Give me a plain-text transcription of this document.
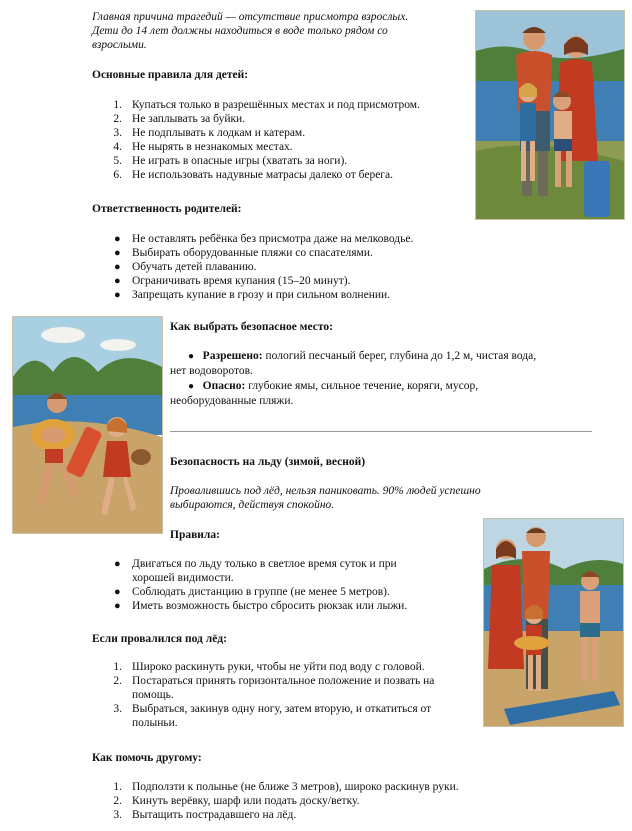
Главная причина трагедий — отсутствие присмотра взрослых.
Дети до 14 лет должны находиться в воде только рядом со
взрослыми.
Основные правила для детей:
1. Купаться только в разрешённых местах и под присмотром.
2. Не заплывать за буйки.
3. Не подплывать к лодкам и катерам.
4. Не нырять в незнакомых местах.
5. Не играть в опасные игры (хватать за ноги).
6. Не использовать надувные матрасы далеко от берега.
Ответственность родителей:
● Не оставлять ребёнка без присмотра даже на мелководье.
● Выбирать оборудованные пляжи со спасателями.
● Обучать детей плаванию.
● Ограничивать время купания (15–20 минут).
● Запрещать купание в грозу и при сильном волнении.
Как выбрать безопасное место:
● Разрешено: пологий песчаный берег, глубина до 1,2 м, чистая вода,
нет водоворотов.
● Опасно: глубокие ямы, сильное течение, коряги, мусор,
необорудованные пляжи.
Безопасность на льду (зимой, весной)
Провалившись под лёд, нельзя паниковать. 90% людей успешно
выбираются, действуя спокойно.
Правила:
● Двигаться по льду только в светлое время суток и при
хорошей видимости.
● Соблюдать дистанцию в группе (не менее 5 метров).
● Иметь возможность быстро сбросить рюкзак или лыжи.
Если провалился под лёд:
1. Широко раскинуть руки, чтобы не уйти под воду с головой.
2. Постараться принять горизонтальное положение и позвать на
помощь.
3. Выбраться, закинув одну ногу, затем вторую, и откатиться от
полыньи.
Как помочь другому:
1. Подползти к полынье (не ближе 3 метров), широко раскинув руки.
2. Кинуть верёвку, шарф или подать доску/ветку.
3. Вытащить пострадавшего на лёд.
